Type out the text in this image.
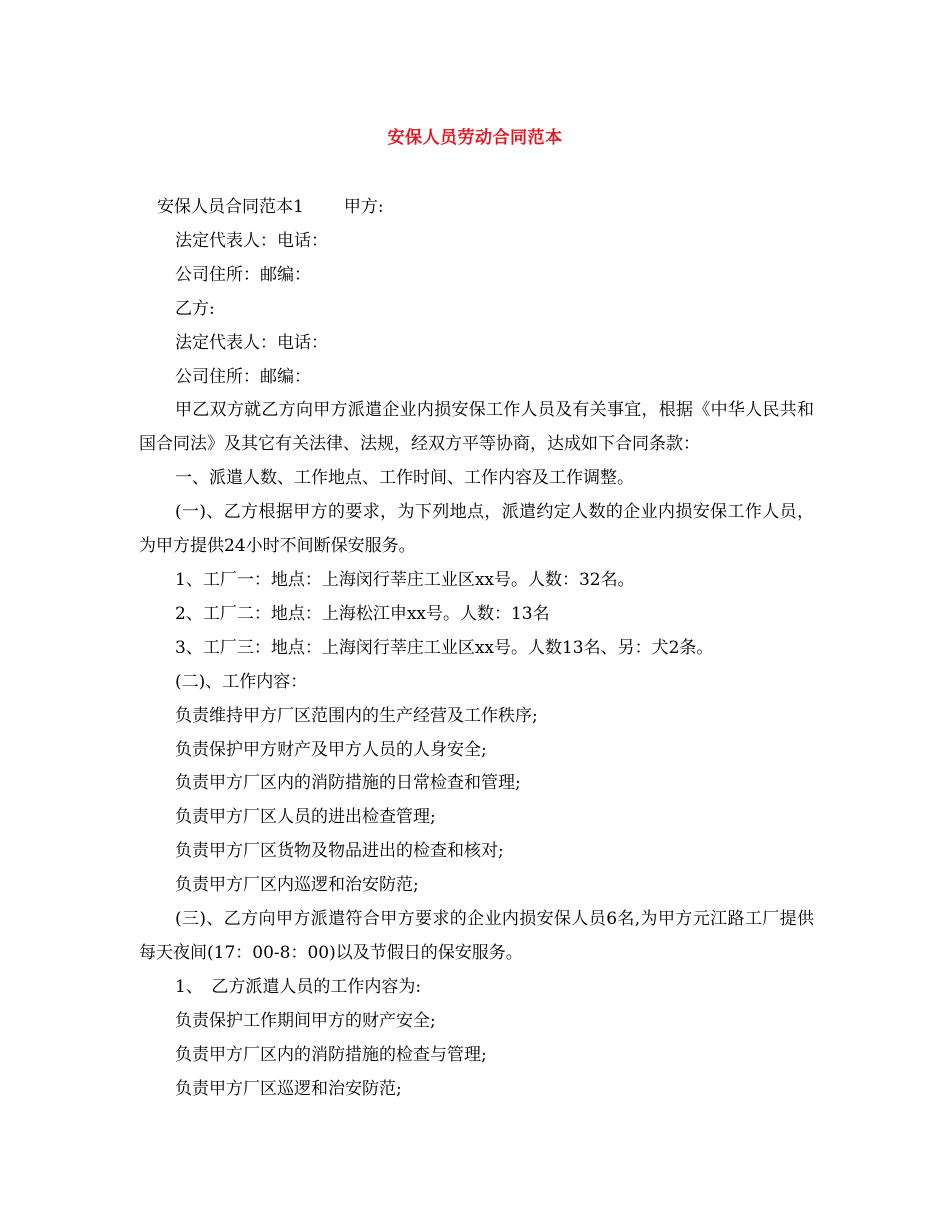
安保人员劳动合同范本

安保人员合同范本1 甲方:

法定代表人：电话：

公司住所：邮编：

乙方:

法定代表人：电话：

公司住所：邮编：

甲乙双方就乙方向甲方派遣企业内损安保工作人员及有关事宜，根据《中华人民共和国合同法》及其它有关法律、法规，经双方平等协商，达成如下合同条款：

一、派遣人数、工作地点、工作时间、工作内容及工作调整。

(一)、乙方根据甲方的要求，为下列地点，派遣约定人数的企业内损安保工作人员，为甲方提供24小时不间断保安服务。

1、工厂一：地点：上海闵行莘庄工业区xx号。人数：32名。

2、工厂二：地点：上海松江申xx号。人数：13名

3、工厂三：地点：上海闵行莘庄工业区xx号。人数13名、另：犬2条。

(二)、工作内容：

负责维持甲方厂区范围内的生产经营及工作秩序;

负责保护甲方财产及甲方人员的人身安全;

负责甲方厂区内的消防措施的日常检查和管理;

负责甲方厂区人员的进出检查管理;

负责甲方厂区货物及物品进出的检查和核对;

负责甲方厂区内巡逻和治安防范;

(三)、乙方向甲方派遣符合甲方要求的企业内损安保人员6名,为甲方元江路工厂提供每天夜间(17：00-8：00)以及节假日的保安服务。

1、　乙方派遣人员的工作内容为:

负责保护工作期间甲方的财产安全;

负责甲方厂区内的消防措施的检查与管理;

负责甲方厂区巡逻和治安防范;
